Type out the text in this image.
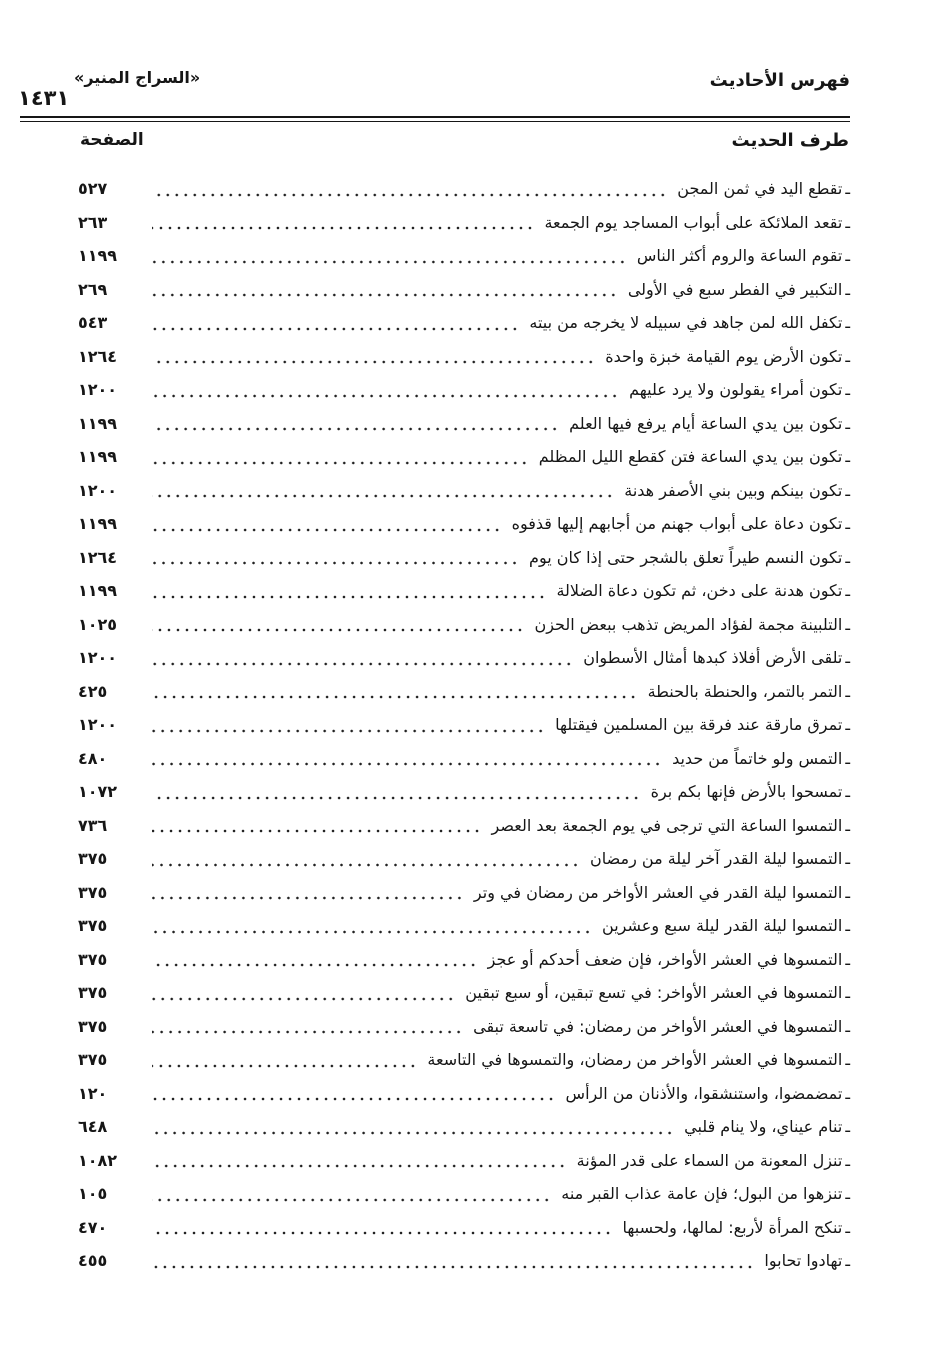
فهرس الأحاديث
«السراج المنير»
١٤٣١
طرف الحديث
الصفحة
ـ
تقطع اليد في ثمن المجن
٥٢٧
ـ
تقعد الملائكة على أبواب المساجد يوم الجمعة
٢٦٣
ـ
تقوم الساعة والروم أكثر الناس
١١٩٩
ـ
التكبير في الفطر سبع في الأولى
٢٦٩
ـ
تكفل الله لمن جاهد في سبيله لا يخرجه من بيته
٥٤٣
ـ
تكون الأرض يوم القيامة خبزة واحدة
١٢٦٤
ـ
تكون أمراء يقولون ولا يرد عليهم
١٢٠٠
ـ
تكون بين يدي الساعة أيام يرفع فيها العلم
١١٩٩
ـ
تكون بين يدي الساعة فتن كقطع الليل المظلم
١١٩٩
ـ
تكون بينكم وبين بني الأصفر هدنة
١٢٠٠
ـ
تكون دعاة على أبواب جهنم من أجابهم إليها قذفوه
١١٩٩
ـ
تكون النسم طيراً تعلق بالشجر حتى إذا كان يوم
١٢٦٤
ـ
تكون هدنة على دخن، ثم تكون دعاة الضلالة
١١٩٩
ـ
التلبينة مجمة لفؤاد المريض تذهب ببعض الحزن
١٠٢٥
ـ
تلقى الأرض أفلاذ كبدها أمثال الأسطوان
١٢٠٠
ـ
التمر بالتمر، والحنطة بالحنطة
٤٢٥
ـ
تمرق مارقة عند فرقة بين المسلمين فيقتلها
١٢٠٠
ـ
التمس ولو خاتماً من حديد
٤٨٠
ـ
تمسحوا بالأرض فإنها بكم برة
١٠٧٢
ـ
التمسوا الساعة التي ترجى في يوم الجمعة بعد العصر
٧٣٦
ـ
التمسوا ليلة القدر آخر ليلة من رمضان
٣٧٥
ـ
التمسوا ليلة القدر في العشر الأواخر من رمضان في وتر
٣٧٥
ـ
التمسوا ليلة القدر ليلة سبع وعشرين
٣٧٥
ـ
التمسوها في العشر الأواخر، فإن ضعف أحدكم أو عجز
٣٧٥
ـ
التمسوها في العشر الأواخر: في تسع تبقين، أو سبع تبقين
٣٧٥
ـ
التمسوها في العشر الأواخر من رمضان: في تاسعة تبقى
٣٧٥
ـ
التمسوها في العشر الأواخر من رمضان، والتمسوها في التاسعة
٣٧٥
ـ
تمضمضوا، واستنشقوا، والأذنان من الرأس
١٢٠
ـ
تنام عيناي، ولا ينام قلبي
٦٤٨
ـ
تنزل المعونة من السماء على قدر المؤنة
١٠٨٢
ـ
تنزهوا من البول؛ فإن عامة عذاب القبر منه
١٠٥
ـ
تنكح المرأة لأربع: لمالها، ولحسبها
٤٧٠
ـ
تهادوا تحابوا
٤٥٥
